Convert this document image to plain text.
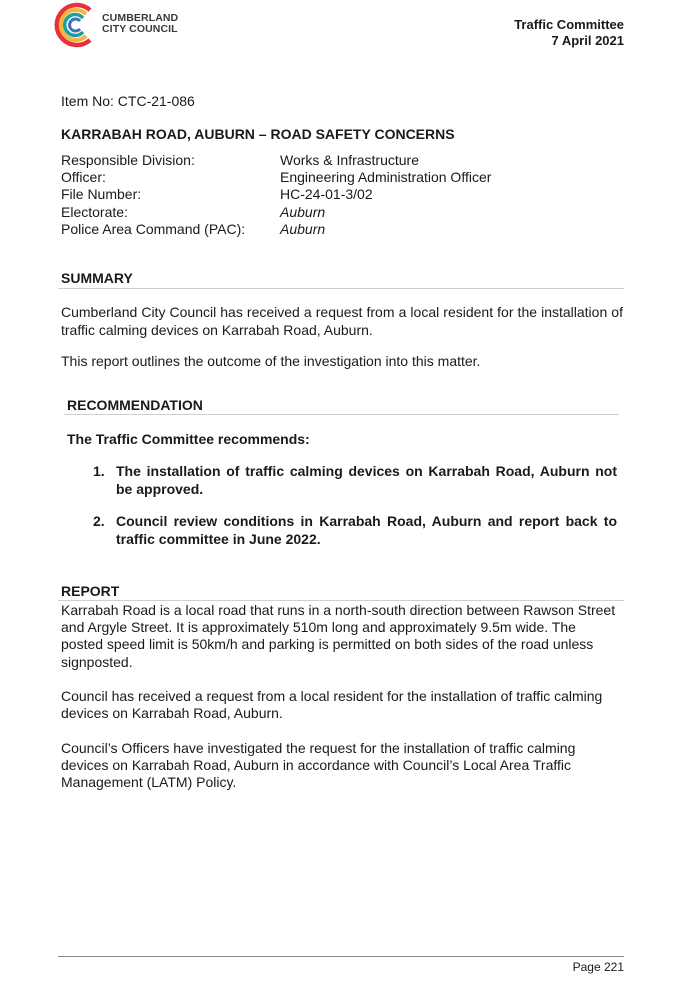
CUMBERLAND
CITY COUNCIL	Traffic Committee
7 April 2021
Item No: CTC-21-086
KARRABAH ROAD, AUBURN – ROAD SAFETY CONCERNS
Responsible Division:	Works & Infrastructure
Officer:	Engineering Administration Officer
File Number:	HC-24-01-3/02
Electorate:	Auburn
Police Area Command (PAC):	Auburn
SUMMARY
Cumberland City Council has received a request from a local resident for the installation of traffic calming devices on Karrabah Road, Auburn.
This report outlines the outcome of the investigation into this matter.
RECOMMENDATION
The Traffic Committee recommends:
1. The installation of traffic calming devices on Karrabah Road, Auburn not be approved.
2. Council review conditions in Karrabah Road, Auburn and report back to traffic committee in June 2022.
REPORT
Karrabah Road is a local road that runs in a north-south direction between Rawson Street and Argyle Street. It is approximately 510m long and approximately 9.5m wide. The posted speed limit is 50km/h and parking is permitted on both sides of the road unless signposted.
Council has received a request from a local resident for the installation of traffic calming devices on Karrabah Road, Auburn.
Council’s Officers have investigated the request for the installation of traffic calming devices on Karrabah Road, Auburn in accordance with Council’s Local Area Traffic Management (LATM) Policy.
Page 221
